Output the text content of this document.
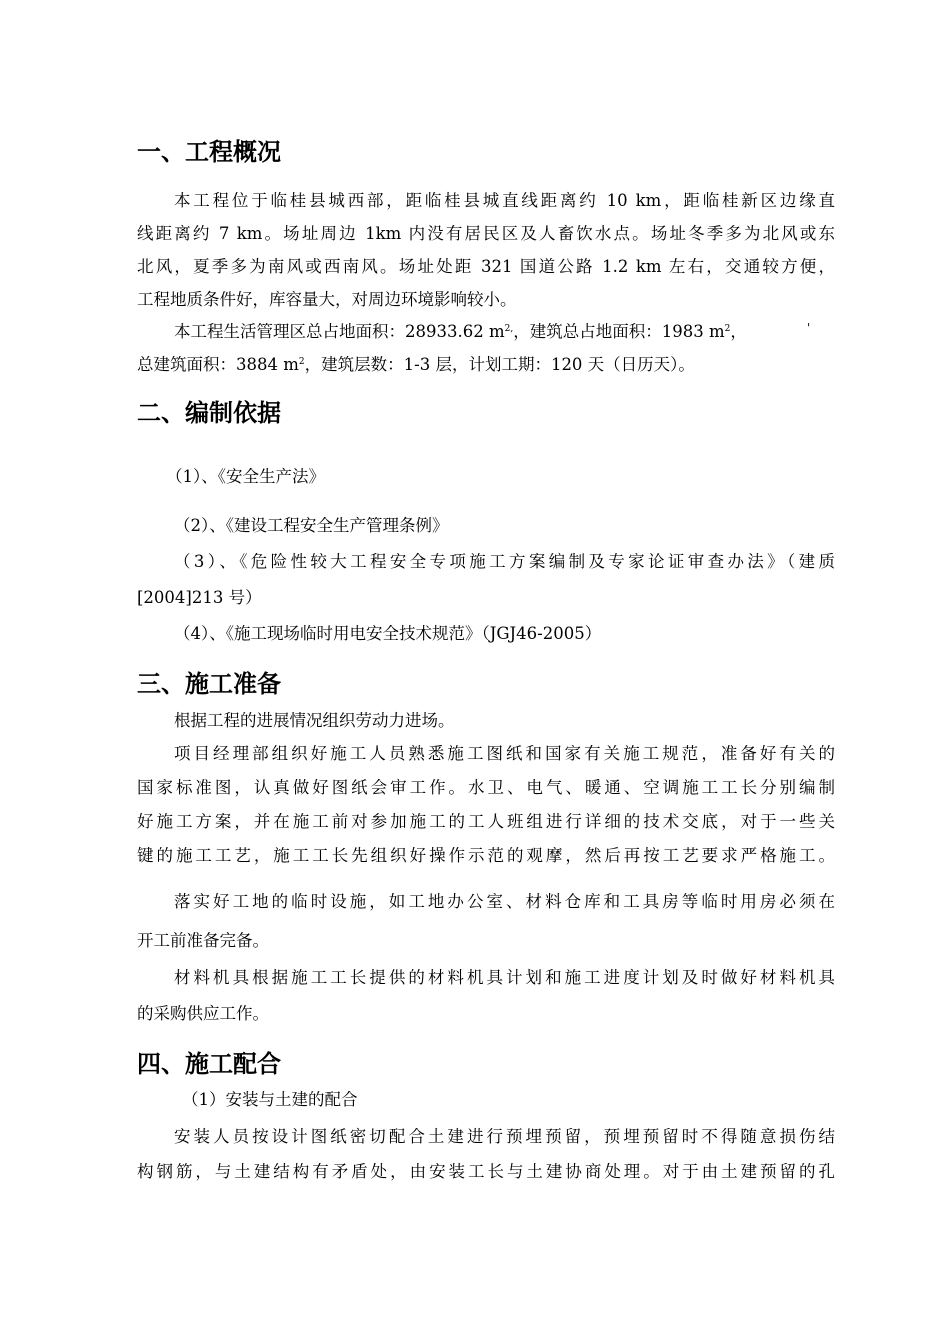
一、工程概况
本工程位于临桂县城西部，距临桂县城直线距离约 10 km，距临桂新区边缘直
线距离约 7 km。场址周边 1km 内没有居民区及人畜饮水点。场址冬季多为北风或东
北风，夏季多为南风或西南风。场址处距 321 国道公路 1.2 km 左右，交通较方便，
工程地质条件好，库容量大，对周边环境影响较小。
本工程生活管理区总占地面积：28933.62 $m^{2,}$，建筑总占地面积：1983 $m^2$，	'
总建筑面积：3884 $m^2$，建筑层数：1-3 层，计划工期：120 天（日历天）。
二、编制依据
（1）、《安全生产法》
（2）、《建设工程安全生产管理条例》
（3）、《危险性较大工程安全专项施工方案编制及专家论证审查办法》（建质
[2004]213 号）
（4）、《施工现场临时用电安全技术规范》（JGJ46-2005）
三、施工准备
根据工程的进展情况组织劳动力进场。
项目经理部组织好施工人员熟悉施工图纸和国家有关施工规范，准备好有关的
国家标准图，认真做好图纸会审工作。水卫、电气、暖通、空调施工工长分别编制
好施工方案，并在施工前对参加施工的工人班组进行详细的技术交底，对于一些关
键的施工工艺，施工工长先组织好操作示范的观摩，然后再按工艺要求严格施工。
落实好工地的临时设施，如工地办公室、材料仓库和工具房等临时用房必须在
开工前准备完备。
材料机具根据施工工长提供的材料机具计划和施工进度计划及时做好材料机具
的采购供应工作。
四、施工配合
（1）安装与土建的配合
安装人员按设计图纸密切配合土建进行预埋预留，预埋预留时不得随意损伤结
构钢筋，与土建结构有矛盾处，由安装工长与土建协商处理。对于由土建预留的孔
